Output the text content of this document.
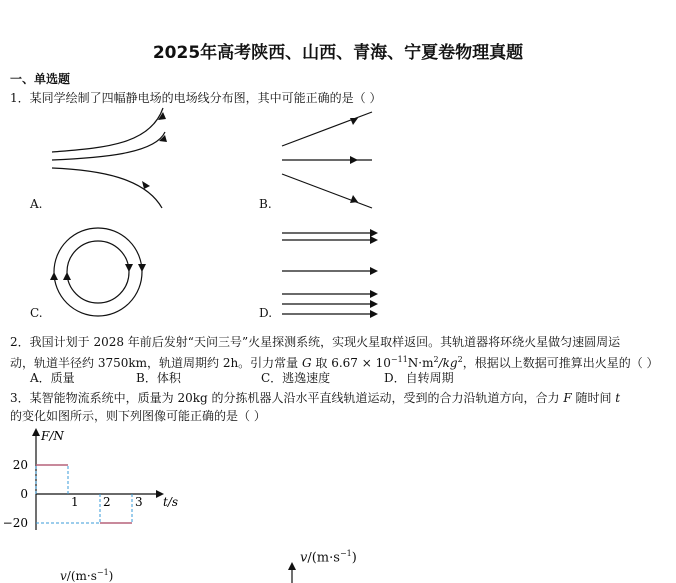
2025年高考陕西、山西、青海、宁夏卷物理真题
一、单选题
1．某同学绘制了四幅静电场的电场线分布图，其中可能正确的是（ ）
A.	B.
C.	D.
2．我国计划于 2028 年前后发射“天问三号”火星探测系统，实现火星取样返回。其轨道器将环绕火星做匀速圆周运
动，轨道半径约 3750km，轨道周期约 2h。引力常量 G 取 $6.67 \times 10^{-11}N\cdot m^2/kg^2$，根据以上数据可推算出火星的（ ）
A．质量	B．体积	C．逃逸速度	D．自转周期
3．某智能物流系统中，质量为 20kg 的分拣机器人沿水平直线轨道运动，受到的合力沿轨道方向，合力 F 随时间 t
的变化如图所示，则下列图像可能正确的是（ ）
F/N
t/s
20
0
−20
1 2 3
$v/(m\cdot s^{-1})$
$v/(m\cdot s^{-1})$
